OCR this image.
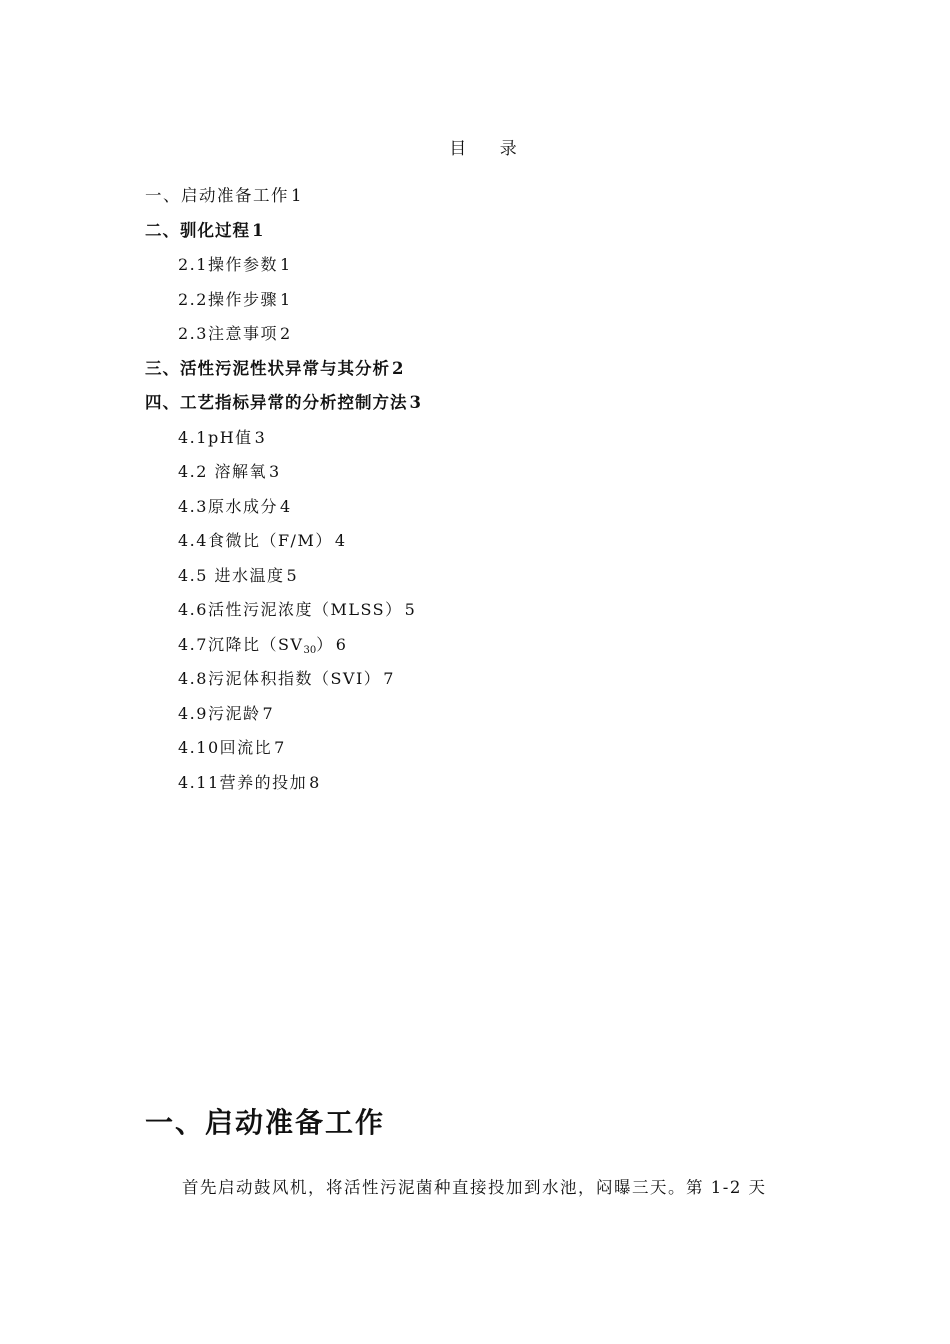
目 录
一、启动准备工作 1
二、驯化过程 1
2.1操作参数 1
2.2操作步骤 1
2.3注意事项 2
三、活性污泥性状异常与其分析 2
四、工艺指标异常的分析控制方法 3
4.1pH值 3
4.2 溶解氧 3
4.3原水成分 4
4.4食微比（F/M） 4
4.5 进水温度 5
4.6活性污泥浓度（MLSS） 5
4.7沉降比$(SV_{30})$ 6
4.8污泥体积指数（SVI） 7
4.9污泥龄 7
4.10回流比 7
4.11营养的投加 8
一、启动准备工作

首先启动鼓风机，将活性污泥菌种直接投加到水池，闷曝三天。第 1-2 天
